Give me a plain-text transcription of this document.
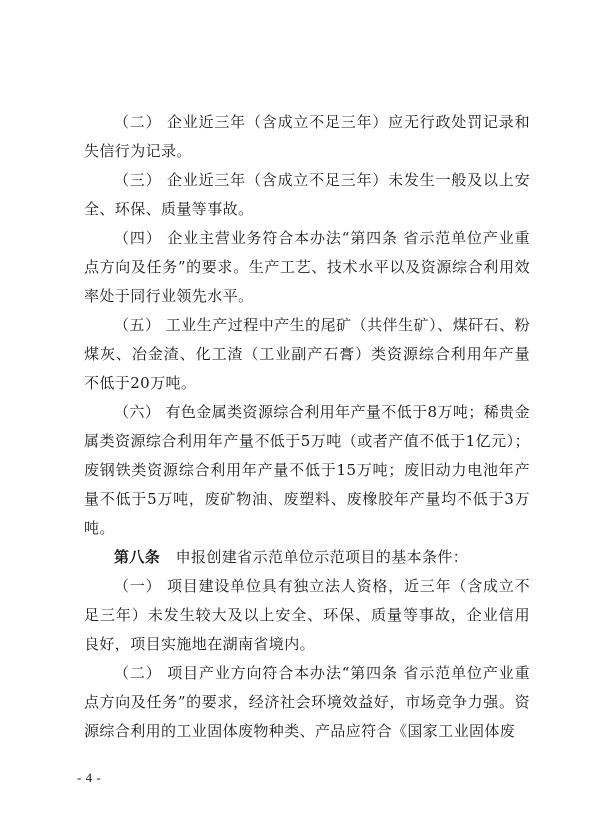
（二） 企业近三年（含成立不足三年）应无行政处罚记录和失信行为记录。

（三） 企业近三年（含成立不足三年）未发生一般及以上安全、环保、质量等事故。

（四） 企业主营业务符合本办法“第四条 省示范单位产业重点方向及任务”的要求。生产工艺、技术水平以及资源综合利用效率处于同行业领先水平。

（五） 工业生产过程中产生的尾矿（共伴生矿）、煤矸石、粉煤灰、冶金渣、化工渣（工业副产石膏）类资源综合利用年产量不低于20万吨。

（六） 有色金属类资源综合利用年产量不低于8万吨；稀贵金属类资源综合利用年产量不低于5万吨（或者产值不低于1亿元）；废钢铁类资源综合利用年产量不低于15万吨；废旧动力电池年产量不低于5万吨，废矿物油、废塑料、废橡胶年产量均不低于3万吨。

第八条　申报创建省示范单位示范项目的基本条件：

（一） 项目建设单位具有独立法人资格，近三年（含成立不足三年）未发生较大及以上安全、环保、质量等事故，企业信用良好，项目实施地在湖南省境内。

（二） 项目产业方向符合本办法“第四条 省示范单位产业重点方向及任务”的要求，经济社会环境效益好，市场竞争力强。资源综合利用的工业固体废物种类、产品应符合《国家工业固体废

- 4 -
